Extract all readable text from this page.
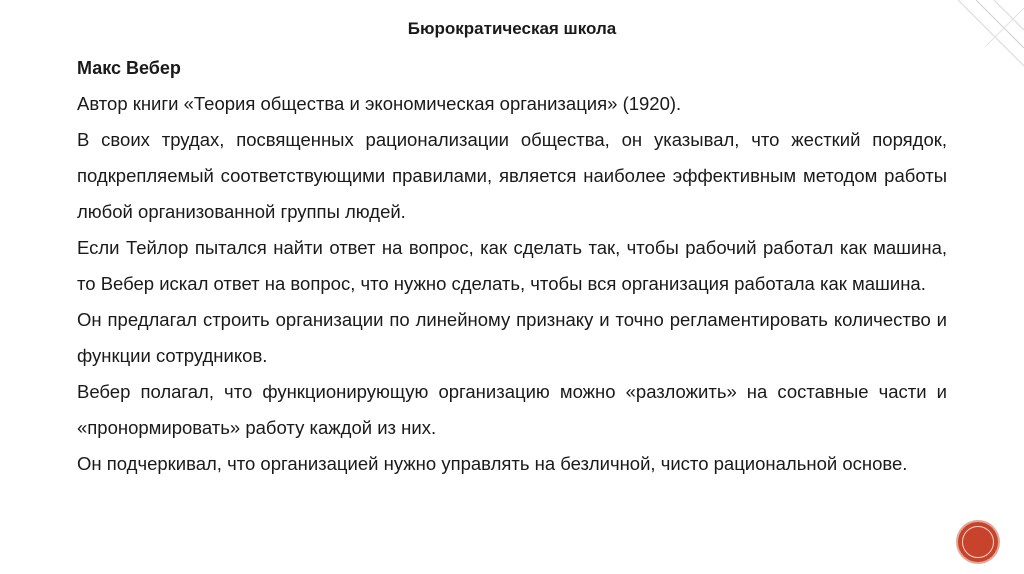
Бюрократическая школа

Макс Вебер

Автор книги «Теория общества и экономическая организация» (1920).

В своих трудах, посвященных рационализации общества, он указывал, что жесткий порядок, подкрепляемый соответствующими правилами, является наиболее эффективным методом работы любой организованной группы людей.

Если Тейлор пытался найти ответ на вопрос, как сделать так, чтобы рабочий работал как машина, то Вебер искал ответ на вопрос, что нужно сделать, чтобы вся организация работала как машина.

Он предлагал строить организации по линейному признаку и точно регламентировать количество и функции сотрудников.

Вебер полагал, что функционирующую организацию можно «разложить» на составные части и «пронормировать» работу каждой из них.

Он подчеркивал, что организацией нужно управлять на безличной, чисто рациональной основе.
